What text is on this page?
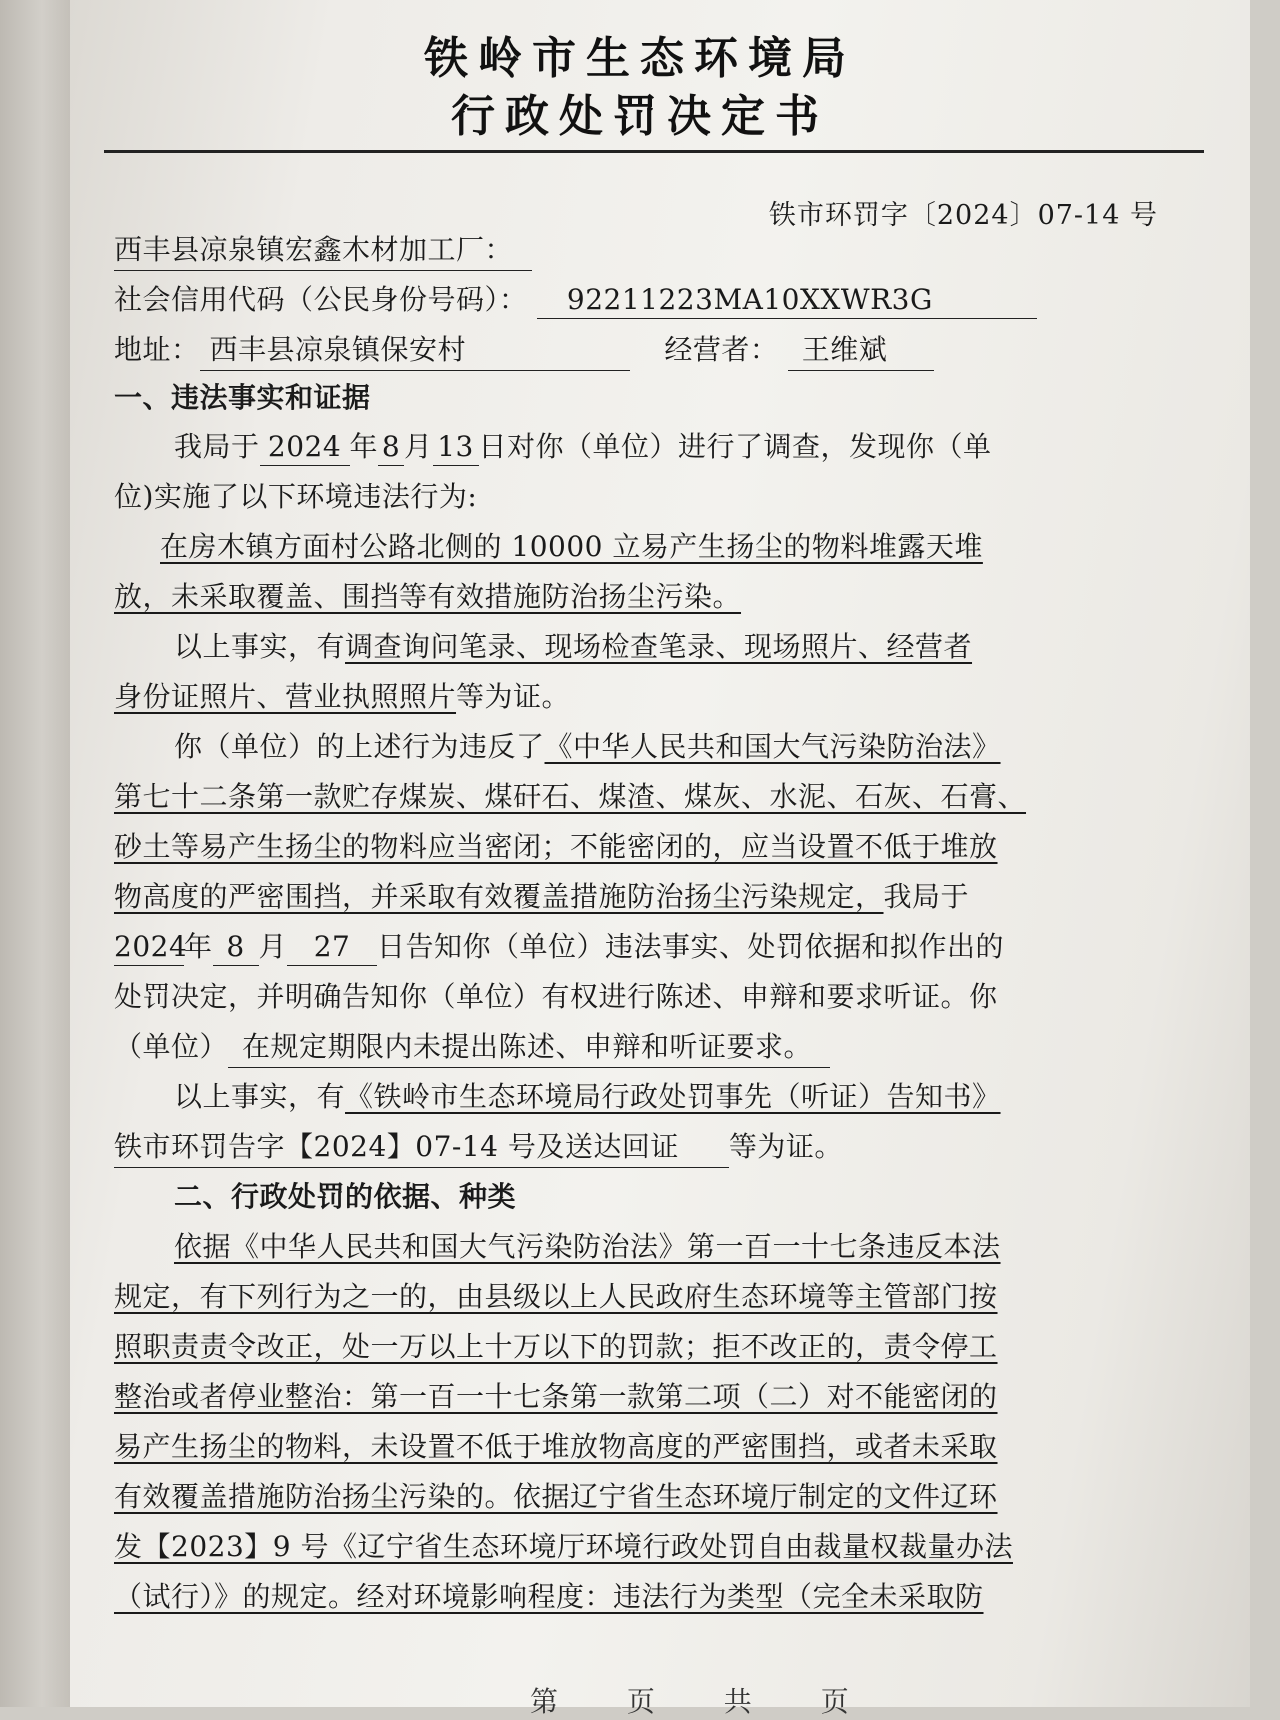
铁岭市生态环境局
行政处罚决定书
铁市环罚字〔2024〕07-14 号
西丰县凉泉镇宏鑫木材加工厂：
社会信用代码（公民身份号码）： 92211223MA10XXWR3G
地址： 西丰县凉泉镇保安村	经营者： 王维斌
一、违法事实和证据
我局于 2024 年 8 月 13 日对你（单位）进行了调查，发现你（单
位)实施了以下环境违法行为:
在房木镇方面村公路北侧的 10000 立易产生扬尘的物料堆露天堆
放，未采取覆盖、围挡等有效措施防治扬尘污染。
以上事实，有调查询问笔录、现场检查笔录、现场照片、经营者
身份证照片、营业执照照片等为证。
你（单位）的上述行为违反了《中华人民共和国大气污染防治法》
第七十二条第一款贮存煤炭、煤矸石、煤渣、煤灰、水泥、石灰、石膏、
砂土等易产生扬尘的物料应当密闭；不能密闭的，应当设置不低于堆放
物高度的严密围挡，并采取有效覆盖措施防治扬尘污染规定，我局于
2024年 8 月 27 日告知你（单位）违法事实、处罚依据和拟作出的
处罚决定，并明确告知你（单位）有权进行陈述、申辩和要求听证。你
（单位） 在规定期限内未提出陈述、申辩和听证要求。
以上事实，有《铁岭市生态环境局行政处罚事先（听证）告知书》
铁市环罚告字【2024】07-14 号及送达回证 等为证。
二、行政处罚的依据、种类
依据《中华人民共和国大气污染防治法》第一百一十七条违反本法
规定，有下列行为之一的，由县级以上人民政府生态环境等主管部门按
照职责责令改正，处一万以上十万以下的罚款；拒不改正的，责令停工
整治或者停业整治：第一百一十七条第一款第二项（二）对不能密闭的
易产生扬尘的物料，未设置不低于堆放物高度的严密围挡，或者未采取
有效覆盖措施防治扬尘污染的。依据辽宁省生态环境厅制定的文件辽环
发【2023】9 号《辽宁省生态环境厅环境行政处罚自由裁量权裁量办法
（试行）》的规定。经对环境影响程度：违法行为类型（完全未采取防
第 页 共 页
